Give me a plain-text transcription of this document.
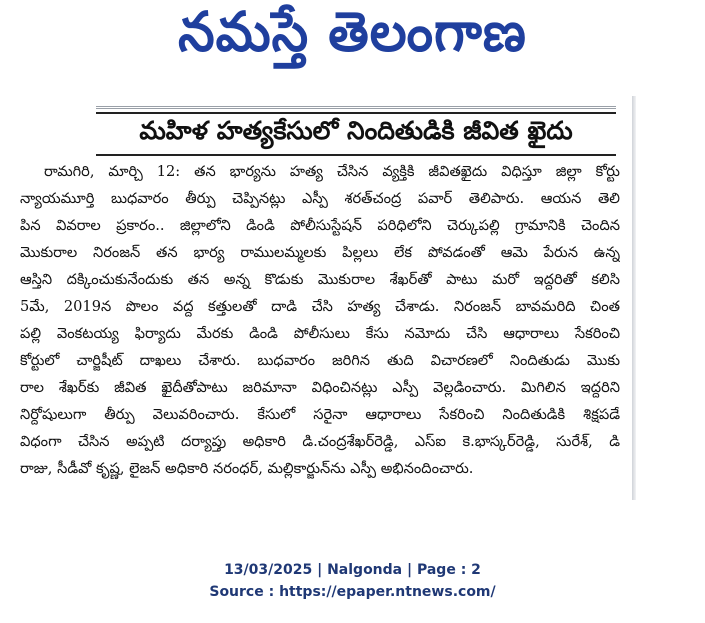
నమస్తే తెలంగాణ
మహిళ హత్యకేసులో నిందితుడికి జీవిత ఖైదు
రామగిరి, మార్చి 12: తన భార్యను హత్య చేసిన వ్యక్తికి జీవితఖైదు విధిస్తూ జిల్లా కోర్టు
న్యాయమూర్తి బుధవారం తీర్పు చెప్పినట్లు ఎస్పీ శరత్‌చంద్ర పవార్ తెలిపారు. ఆయన తెలి
పిన వివరాల ప్రకారం.. జిల్లాలోని డిండి పోలీసుస్టేషన్ పరిధిలోని చెర్కుపల్లి గ్రామానికి చెందిన
మొకురాల నిరంజన్ తన భార్య రాములమ్మలకు పిల్లలు లేక పోవడంతో ఆమె పేరున ఉన్న
ఆస్తిని దక్కించుకునేందుకు తన అన్న కొడుకు మొకురాల శేఖర్‌తో పాటు మరో ఇద్దరితో కలిసి
5మే, 2019న పొలం వద్ద కత్తులతో దాడి చేసి హత్య చేశాడు. నిరంజన్ బావమరిది చింత
పల్లి వెంకటయ్య ఫిర్యాదు మేరకు డిండి పోలీసులు కేసు నమోదు చేసి ఆధారాలు సేకరించి
కోర్టులో చార్జిషీట్ దాఖలు చేశారు. బుధవారం జరిగిన తుది విచారణలో నిందితుడు మొకు
రాల శేఖర్‌కు జీవిత ఖైదీతోపాటు జరిమానా విధించినట్లు ఎస్పీ వెల్లడించారు. మిగిలిన ఇద్దరిని
నిర్దోషులుగా తీర్పు వెలువరించారు. కేసులో సరైనా ఆధారాలు సేకరించి నిందితుడికి శిక్షపడే
విధంగా చేసిన అప్పటి దర్యాప్తు అధికారి డి.చంద్రశేఖర్‌రెడ్డి, ఎస్ఐ కె.భాస్కర్‌రెడ్డి, సురేశ్, డి
రాజు, సీడీవో కృష్ణ, లైజన్ అధికారి నరంధర్, మల్లికార్జున్‌ను ఎస్పీ అభినందించారు.
13/03/2025 | Nalgonda | Page : 2
Source : https://epaper.ntnews.com/
